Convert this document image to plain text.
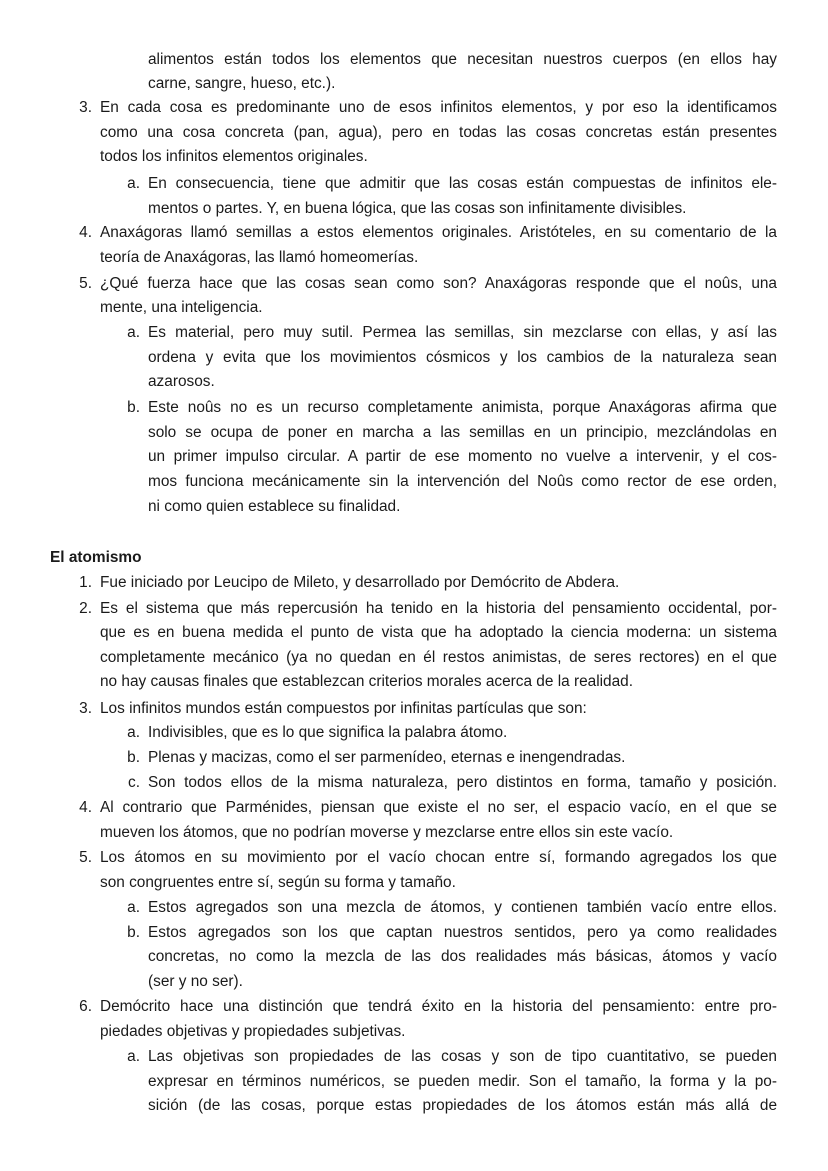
alimentos están todos los elementos que necesitan nuestros cuerpos (en ellos hay
carne, sangre, hueso, etc.).
3. En cada cosa es predominante uno de esos infinitos elementos, y por eso la identificamos
como una cosa concreta (pan, agua), pero en todas las cosas concretas están presentes
todos los infinitos elementos originales.
a. En consecuencia, tiene que admitir que las cosas están compuestas de infinitos ele-
mentos o partes. Y, en buena lógica, que las cosas son infinitamente divisibles.
4. Anaxágoras llamó semillas a estos elementos originales. Aristóteles, en su comentario de la
teoría de Anaxágoras, las llamó homeomerías.
5. ¿Qué fuerza hace que las cosas sean como son? Anaxágoras responde que el noûs, una
mente, una inteligencia.
a. Es material, pero muy sutil. Permea las semillas, sin mezclarse con ellas, y así las
ordena y evita que los movimientos cósmicos y los cambios de la naturaleza sean
azarosos.
b. Este noûs no es un recurso completamente animista, porque Anaxágoras afirma que
solo se ocupa de poner en marcha a las semillas en un principio, mezclándolas en
un primer impulso circular. A partir de ese momento no vuelve a intervenir, y el cos-
mos funciona mecánicamente sin la intervención del Noûs como rector de ese orden,
ni como quien establece su finalidad.
El atomismo
1. Fue iniciado por Leucipo de Mileto, y desarrollado por Demócrito de Abdera.
2. Es el sistema que más repercusión ha tenido en la historia del pensamiento occidental, por-
que es en buena medida el punto de vista que ha adoptado la ciencia moderna: un sistema
completamente mecánico (ya no quedan en él restos animistas, de seres rectores) en el que
no hay causas finales que establezcan criterios morales acerca de la realidad.
3. Los infinitos mundos están compuestos por infinitas partículas que son:
a. Indivisibles, que es lo que significa la palabra átomo.
b. Plenas y macizas, como el ser parmenídeo, eternas e inengendradas.
c. Son todos ellos de la misma naturaleza, pero distintos en forma, tamaño y posición.
4. Al contrario que Parménides, piensan que existe el no ser, el espacio vacío, en el que se
mueven los átomos, que no podrían moverse y mezclarse entre ellos sin este vacío.
5. Los átomos en su movimiento por el vacío chocan entre sí, formando agregados los que
son congruentes entre sí, según su forma y tamaño.
a. Estos agregados son una mezcla de átomos, y contienen también vacío entre ellos.
b. Estos agregados son los que captan nuestros sentidos, pero ya como realidades
concretas, no como la mezcla de las dos realidades más básicas, átomos y vacío
(ser y no ser).
6. Demócrito hace una distinción que tendrá éxito en la historia del pensamiento: entre pro-
piedades objetivas y propiedades subjetivas.
a. Las objetivas son propiedades de las cosas y son de tipo cuantitativo, se pueden
expresar en términos numéricos, se pueden medir. Son el tamaño, la forma y la po-
sición (de las cosas, porque estas propiedades de los átomos están más allá de
